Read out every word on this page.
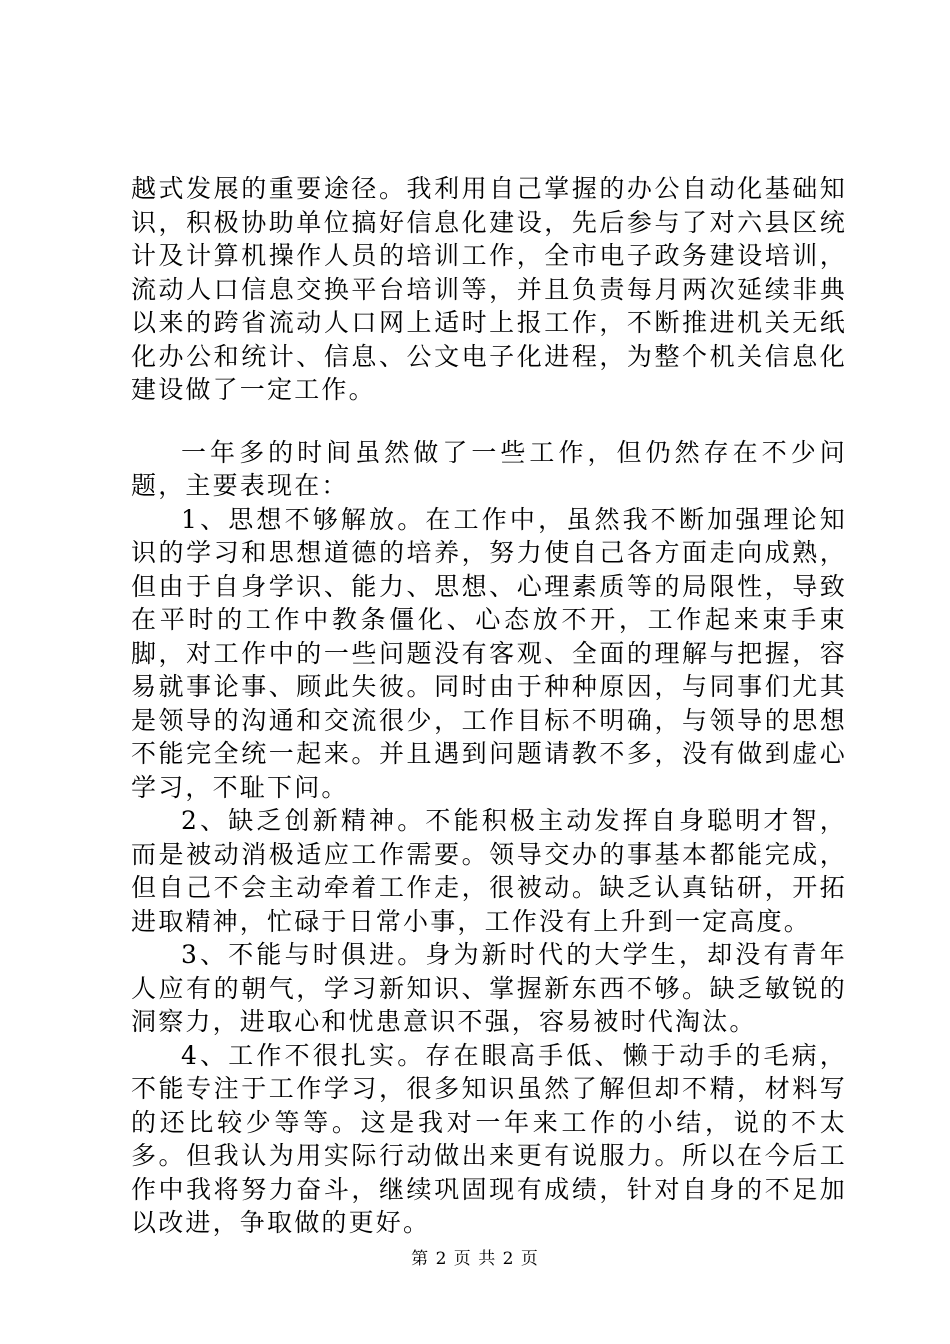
越式发展的重要途径。我利用自己掌握的办公自动化基础知识，积极协助单位搞好信息化建设，先后参与了对六县区统计及计算机操作人员的培训工作，全市电子政务建设培训，流动人口信息交换平台培训等，并且负责每月两次延续非典以来的跨省流动人口网上适时上报工作，不断推进机关无纸化办公和统计、信息、公文电子化进程，为整个机关信息化建设做了一定工作。

一年多的时间虽然做了一些工作，但仍然存在不少问题，主要表现在：

1、思想不够解放。在工作中，虽然我不断加强理论知识的学习和思想道德的培养，努力使自己各方面走向成熟，但由于自身学识、能力、思想、心理素质等的局限性，导致在平时的工作中教条僵化、心态放不开，工作起来束手束脚，对工作中的一些问题没有客观、全面的理解与把握，容易就事论事、顾此失彼。同时由于种种原因，与同事们尤其是领导的沟通和交流很少，工作目标不明确，与领导的思想不能完全统一起来。并且遇到问题请教不多，没有做到虚心学习，不耻下问。

2、缺乏创新精神。不能积极主动发挥自身聪明才智，而是被动消极适应工作需要。领导交办的事基本都能完成，但自己不会主动牵着工作走，很被动。缺乏认真钻研，开拓进取精神，忙碌于日常小事，工作没有上升到一定高度。

3、不能与时俱进。身为新时代的大学生，却没有青年人应有的朝气，学习新知识、掌握新东西不够。缺乏敏锐的洞察力，进取心和忧患意识不强，容易被时代淘汰。

4、工作不很扎实。存在眼高手低、懒于动手的毛病，不能专注于工作学习，很多知识虽然了解但却不精，材料写的还比较少等等。这是我对一年来工作的小结，说的不太多。但我认为用实际行动做出来更有说服力。所以在今后工作中我将努力奋斗，继续巩固现有成绩，针对自身的不足加以改进，争取做的更好。

第 2 页 共 2 页
